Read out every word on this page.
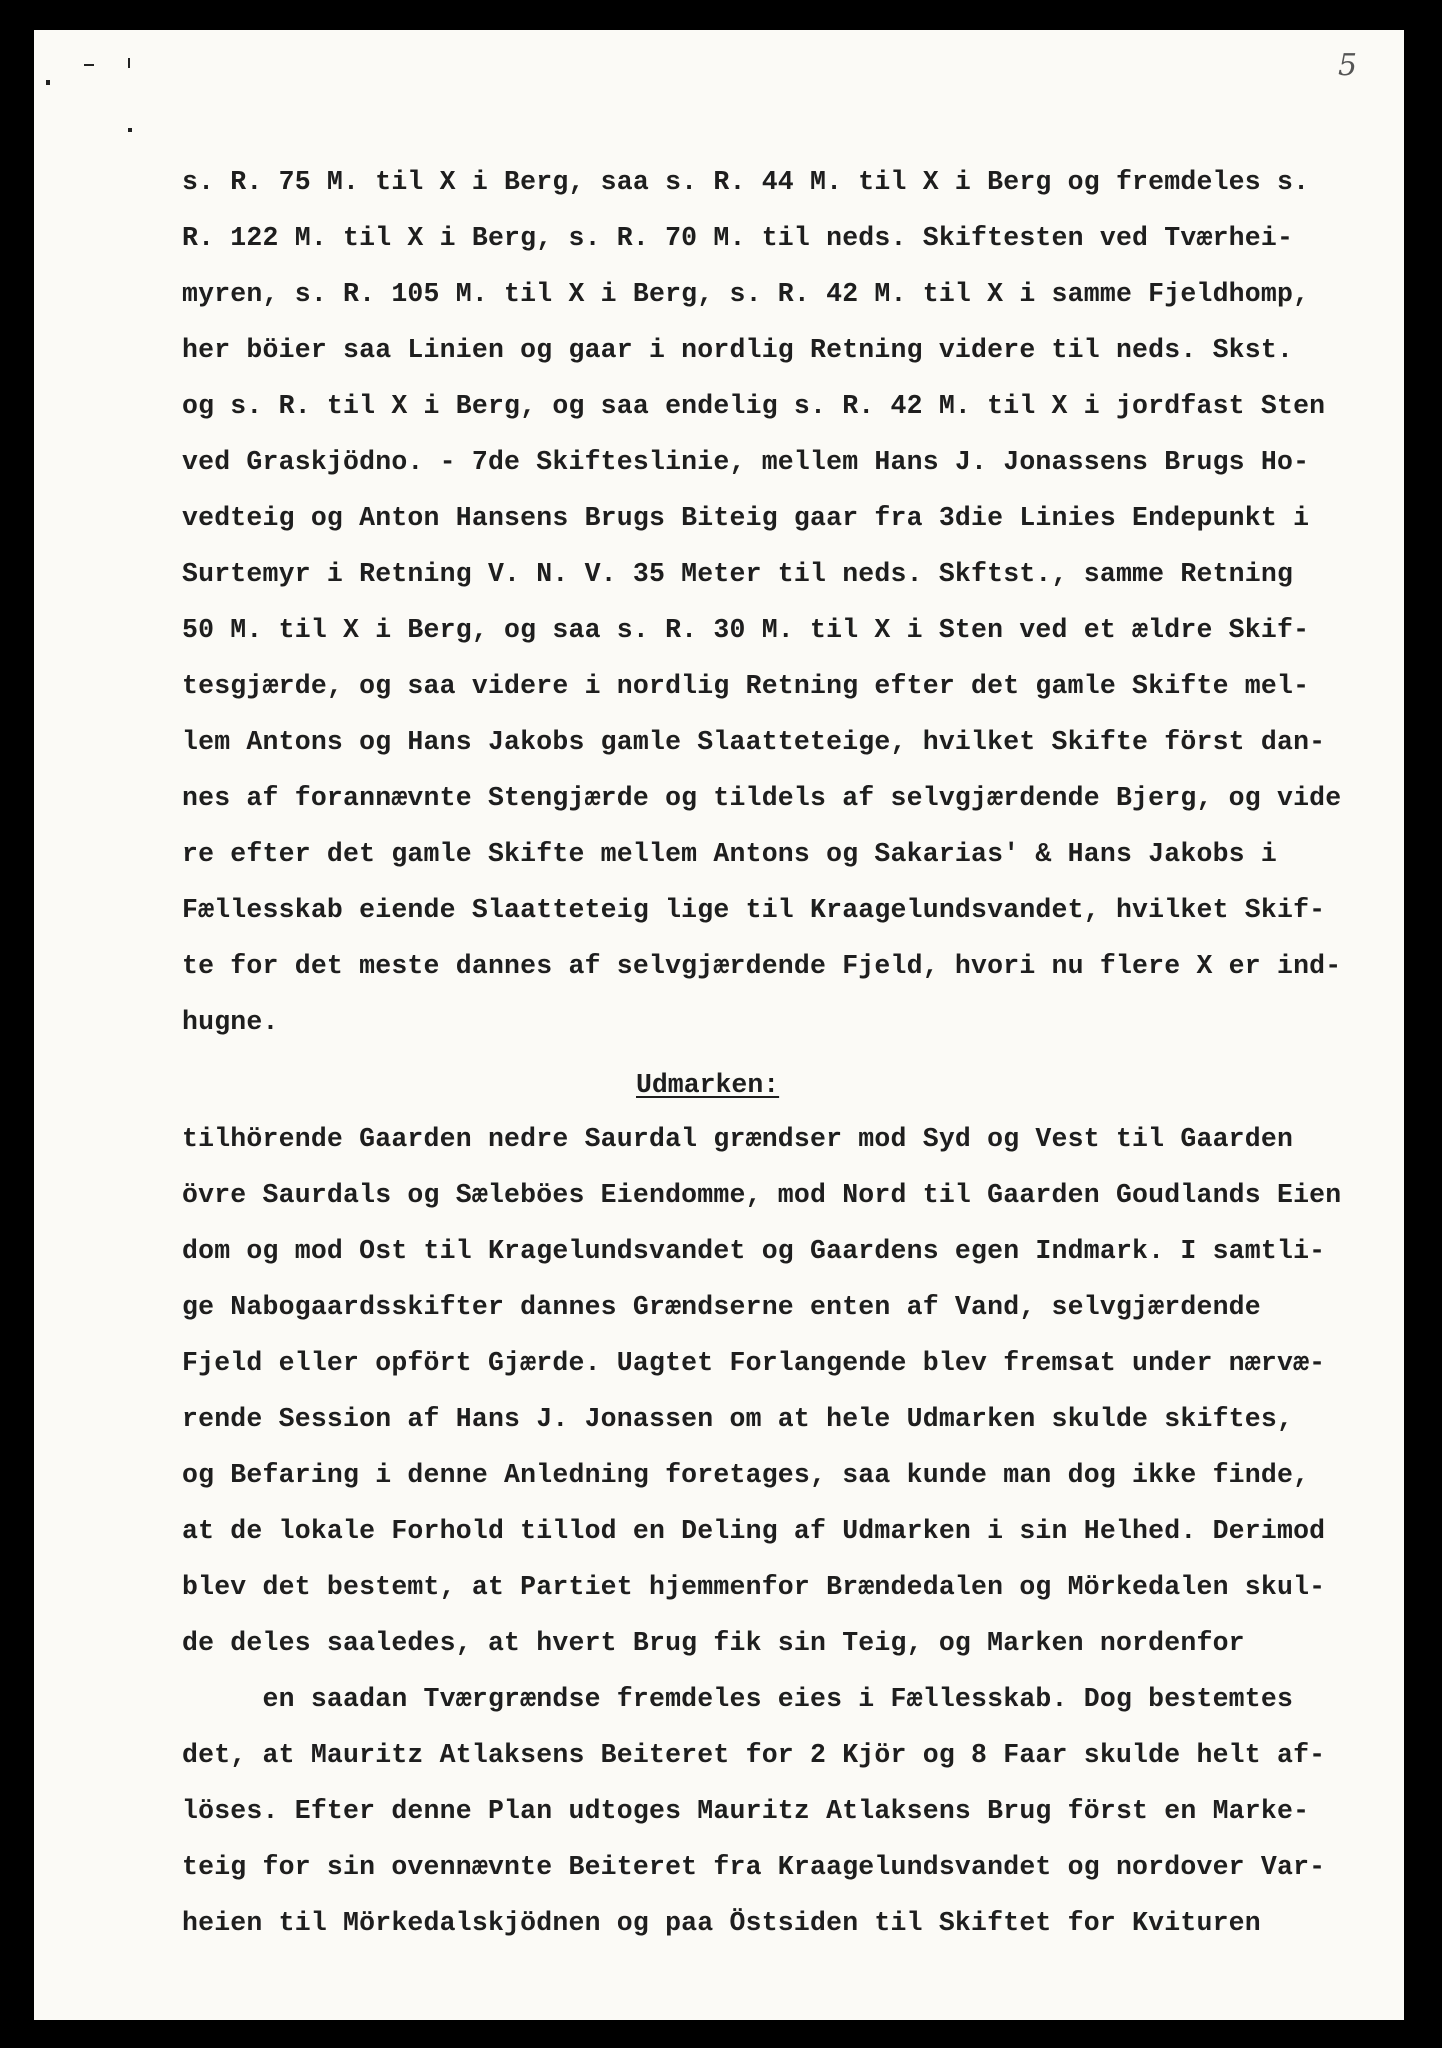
5

s. R. 75 M. til X i Berg, saa s. R. 44 M. til X i Berg og fremdeles s.

R. 122 M. til X i Berg, s. R. 70 M. til neds. Skiftesten ved Tværhei-

myren, s. R. 105 M. til X i Berg, s. R. 42 M. til X i samme Fjeldhomp,

her böier saa Linien og gaar i nordlig Retning videre til neds. Skst.

og s. R. til X i Berg, og saa endelig s. R. 42 M. til X i jordfast Sten

ved Graskjödno. - 7de Skifteslinie, mellem Hans J. Jonassens Brugs Ho-

vedteig og Anton Hansens Brugs Biteig gaar fra 3die Linies Endepunkt i

Surtemyr i Retning V. N. V. 35 Meter til neds. Skftst., samme Retning

50 M. til X i Berg, og saa s. R. 30 M. til X i Sten ved et ældre Skif-

tesgjærde, og saa videre i nordlig Retning efter det gamle Skifte mel-

lem Antons og Hans Jakobs gamle Slaatteteige, hvilket Skifte först dan-

nes af forannævnte Stengjærde og tildels af selvgjærdende Bjerg, og vide

re efter det gamle Skifte mellem Antons og Sakarias' & Hans Jakobs i

Fællesskab eiende Slaatteteig lige til Kraagelundsvandet, hvilket Skif-

te for det meste dannes af selvgjærdende Fjeld, hvori nu flere X er ind-

hugne.

Udmarken:

tilhörende Gaarden nedre Saurdal grændser mod Syd og Vest til Gaarden

övre Saurdals og Sæleböes Eiendomme, mod Nord til Gaarden Goudlands Eien

dom og mod Ost til Kragelundsvandet og Gaardens egen Indmark. I samtli-

ge Nabogaardsskifter dannes Grændserne enten af Vand, selvgjærdende

Fjeld eller opfört Gjærde. Uagtet Forlangende blev fremsat under nærvæ-

rende Session af Hans J. Jonassen om at hele Udmarken skulde skiftes,

og Befaring i denne Anledning foretages, saa kunde man dog ikke finde,

at de lokale Forhold tillod en Deling af Udmarken i sin Helhed. Derimod

blev det bestemt, at Partiet hjemmenfor Brændedalen og Mörkedalen skul-

de deles saaledes, at hvert Brug fik sin Teig, og Marken nordenfor

en saadan Tværgrændse fremdeles eies i Fællesskab. Dog bestemtes

det, at Mauritz Atlaksens Beiteret for 2 Kjör og 8 Faar skulde helt af-

löses. Efter denne Plan udtoges Mauritz Atlaksens Brug först en Marke-

teig for sin ovennævnte Beiteret fra Kraagelundsvandet og nordover Var-

heien til Mörkedalskjödnen og paa Östsiden til Skiftet for Kvituren
